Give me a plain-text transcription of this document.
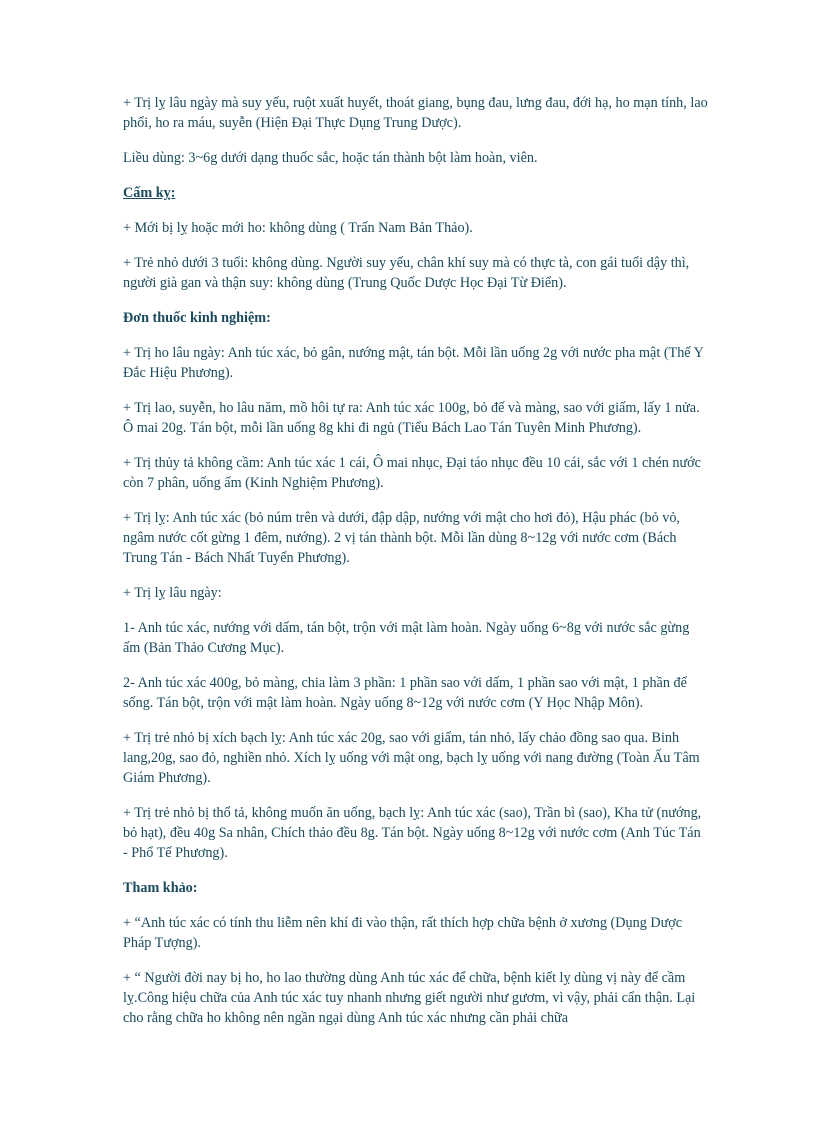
+ Trị lỵ lâu ngày mà suy yếu, ruột xuất huyết, thoát giang, bụng đau, lưng đau, đới hạ, ho mạn tính, lao phổi, ho ra máu, suyễn (Hiện Đại Thực Dụng Trung Dược).

Liều dùng: 3~6g dưới dạng thuốc sắc, hoặc tán thành bột làm hoàn, viên.

Cấm kỵ:

+ Mới bị lỵ hoặc mới ho: không dùng ( Trấn Nam Bản Thảo).

+ Trẻ nhỏ dưới 3 tuổi: không dùng. Người suy yếu, chân khí suy mà có thực tà, con gái tuổi dậy thì, người già gan và thận suy: không dùng (Trung Quốc Dược Học Đại Từ Điển).

Đơn thuốc kinh nghiệm:

+ Trị ho lâu ngày: Anh túc xác, bỏ gân, nướng mật, tán bột. Mỗi lần uống 2g với nước pha mật (Thế Y Đắc Hiệu Phương).

+ Trị lao, suyễn, ho lâu năm, mồ hôi tự ra: Anh túc xác 100g, bỏ đế và màng, sao với giấm, lấy 1 nửa. Ô mai 20g. Tán bột, mỗi lần uống 8g khi đi ngủ (Tiểu Bách Lao Tán Tuyên Minh Phương).

+ Trị thủy tả không cầm: Anh túc xác 1 cái, Ô mai nhục, Đại táo nhục đều 10 cái, sắc với 1 chén nước còn 7 phân, uống ấm (Kinh Nghiệm Phương).

+ Trị lỵ: Anh túc xác (bỏ núm trên và dưới, đập dập, nướng với mật cho hơi đỏ), Hậu phác (bỏ vỏ, ngâm nước cốt gừng 1 đêm, nướng). 2 vị tán thành bột. Mỗi lần dùng 8~12g với nước cơm (Bách Trung Tán - Bách Nhất Tuyển Phương).

+ Trị lỵ lâu ngày:

1- Anh túc xác, nướng với dấm, tán bột, trộn với mật làm hoàn. Ngày uống 6~8g với nước sắc gừng ấm (Bản Thảo Cương Mục).

2- Anh túc xác 400g, bỏ màng, chia làm 3 phần: 1 phần sao với dấm, 1 phần sao với mật, 1 phần để sống. Tán bột, trộn với mật làm hoàn. Ngày uống 8~12g với nước cơm (Y Học Nhập Môn).

+ Trị trẻ nhỏ bị xích bạch lỵ: Anh túc xác 20g, sao với giấm, tán nhỏ, lấy chảo đồng sao qua. Binh lang,20g, sao đỏ, nghiền nhỏ. Xích lỵ uống với mật ong, bạch lỵ uống với nang đường (Toàn Ấu Tâm Giám Phương).

+ Trị trẻ nhỏ bị thổ tả, không muốn ăn uống, bạch lỵ: Anh túc xác (sao), Trần bì (sao), Kha tử (nướng, bỏ hạt), đều 40g Sa nhân, Chích thảo đều 8g. Tán bột. Ngày uống 8~12g với nước cơm (Anh Túc Tán - Phổ Tế Phương).

Tham khảo:

+ “Anh túc xác có tính thu liễm nên khí đi vào thận, rất thích hợp chữa bệnh ở xương (Dụng Dược Pháp Tượng).

+ “ Người đời nay bị ho, ho lao thường dùng Anh túc xác để chữa, bệnh kiết lỵ dùng vị này để cầm lỵ.Công hiệu chữa của Anh túc xác tuy nhanh nhưng giết người như gươm, vì vậy, phải cẩn thận. Lại cho rằng chữa ho không nên ngần ngại dùng Anh túc xác nhưng cần phải chữa
